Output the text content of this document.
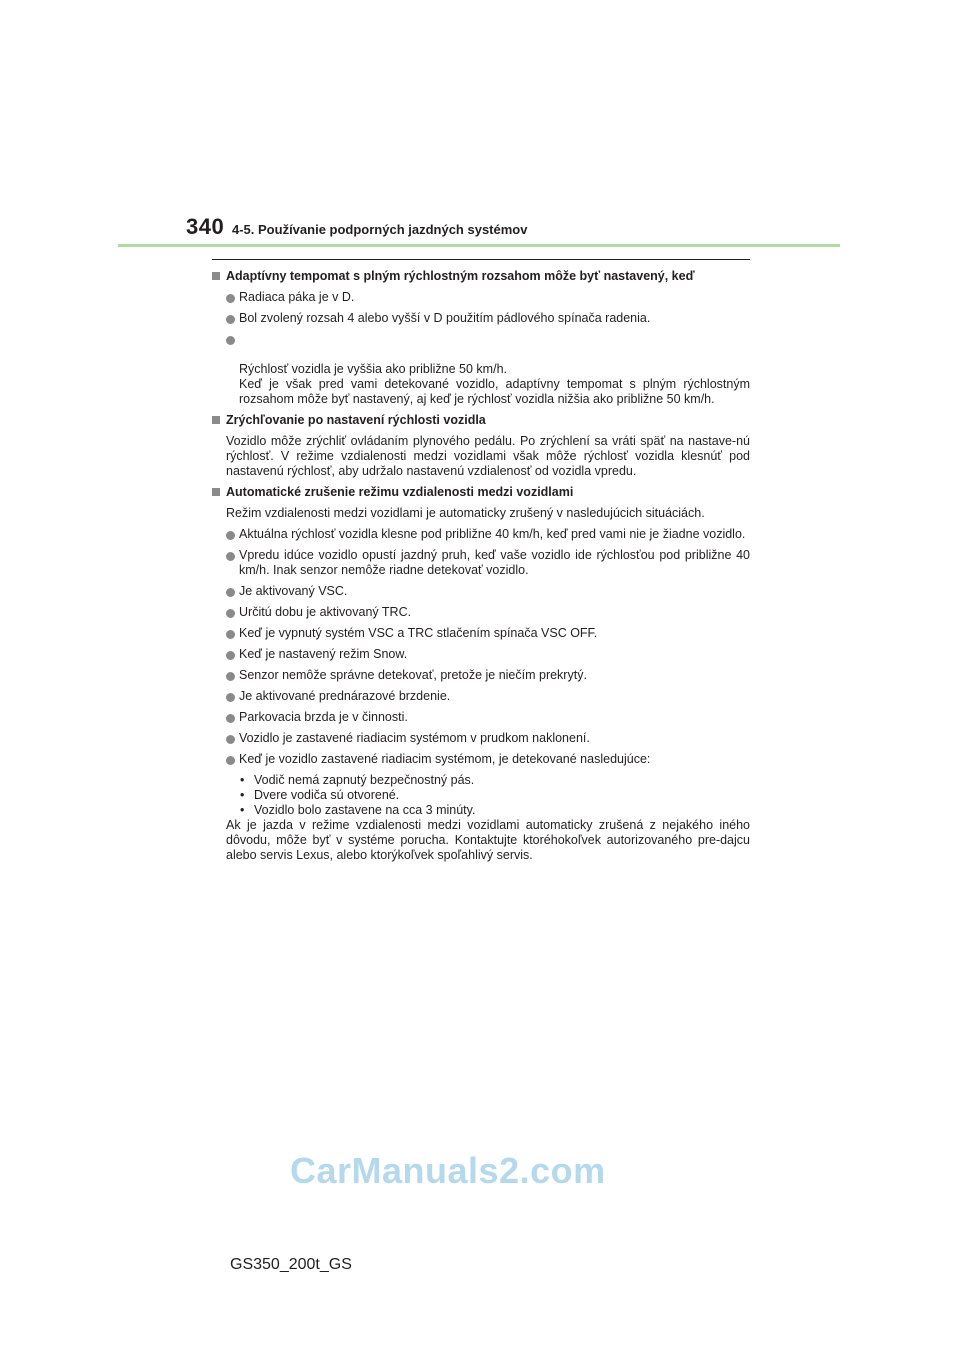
340 4-5. Používanie podporných jazdných systémov
Adaptívny tempomat s plným rýchlostným rozsahom môže byť nastavený, keď
Radiaca páka je v D.
Bol zvolený rozsah 4 alebo vyšší v D použitím pádlového spínača radenia.

Rýchlosť vozidla je vyššia ako približne 50 km/h.
Keď je však pred vami detekované vozidlo, adaptívny tempomat s plným rýchlostným rozsahom môže byť nastavený, aj keď je rýchlosť vozidla nižšia ako približne 50 km/h.

Zrýchľovanie po nastavení rýchlosti vozidla
Vozidlo môže zrýchliť ovládaním plynového pedálu. Po zrýchlení sa vráti späť na nastave-nú rýchlosť. V režime vzdialenosti medzi vozidlami však môže rýchlosť vozidla klesnúť pod nastavenú rýchlosť, aby udržalo nastavenú vzdialenosť od vozidla vpredu.
Automatické zrušenie režimu vzdialenosti medzi vozidlami
Režim vzdialenosti medzi vozidlami je automaticky zrušený v nasledujúcich situáciách.
Aktuálna rýchlosť vozidla klesne pod približne 40 km/h, keď pred vami nie je žiadne vozidlo.
Vpredu idúce vozidlo opustí jazdný pruh, keď vaše vozidlo ide rýchlosťou pod približne 40 km/h. Inak senzor nemôže riadne detekovať vozidlo.
Je aktivovaný VSC.
Určitú dobu je aktivovaný TRC.
Keď je vypnutý systém VSC a TRC stlačením spínača VSC OFF.
Keď je nastavený režim Snow.
Senzor nemôže správne detekovať, pretože je niečím prekrytý.
Je aktivované prednárazové brzdenie.
Parkovacia brzda je v činnosti.
Vozidlo je zastavené riadiacim systémom v prudkom naklonení.
Keď je vozidlo zastavené riadiacim systémom, je detekované nasledujúce:
• Vodič nemá zapnutý bezpečnostný pás.
• Dvere vodiča sú otvorené.
• Vozidlo bolo zastavene na cca 3 minúty.
Ak je jazda v režime vzdialenosti medzi vozidlami automaticky zrušená z nejakého iného dôvodu, môže byť v systéme porucha. Kontaktujte ktoréhokoľvek autorizovaného pre-dajcu alebo servis Lexus, alebo ktorýkoľvek spoľahlivý servis.
CarManuals2.com
GS350_200t_GS
